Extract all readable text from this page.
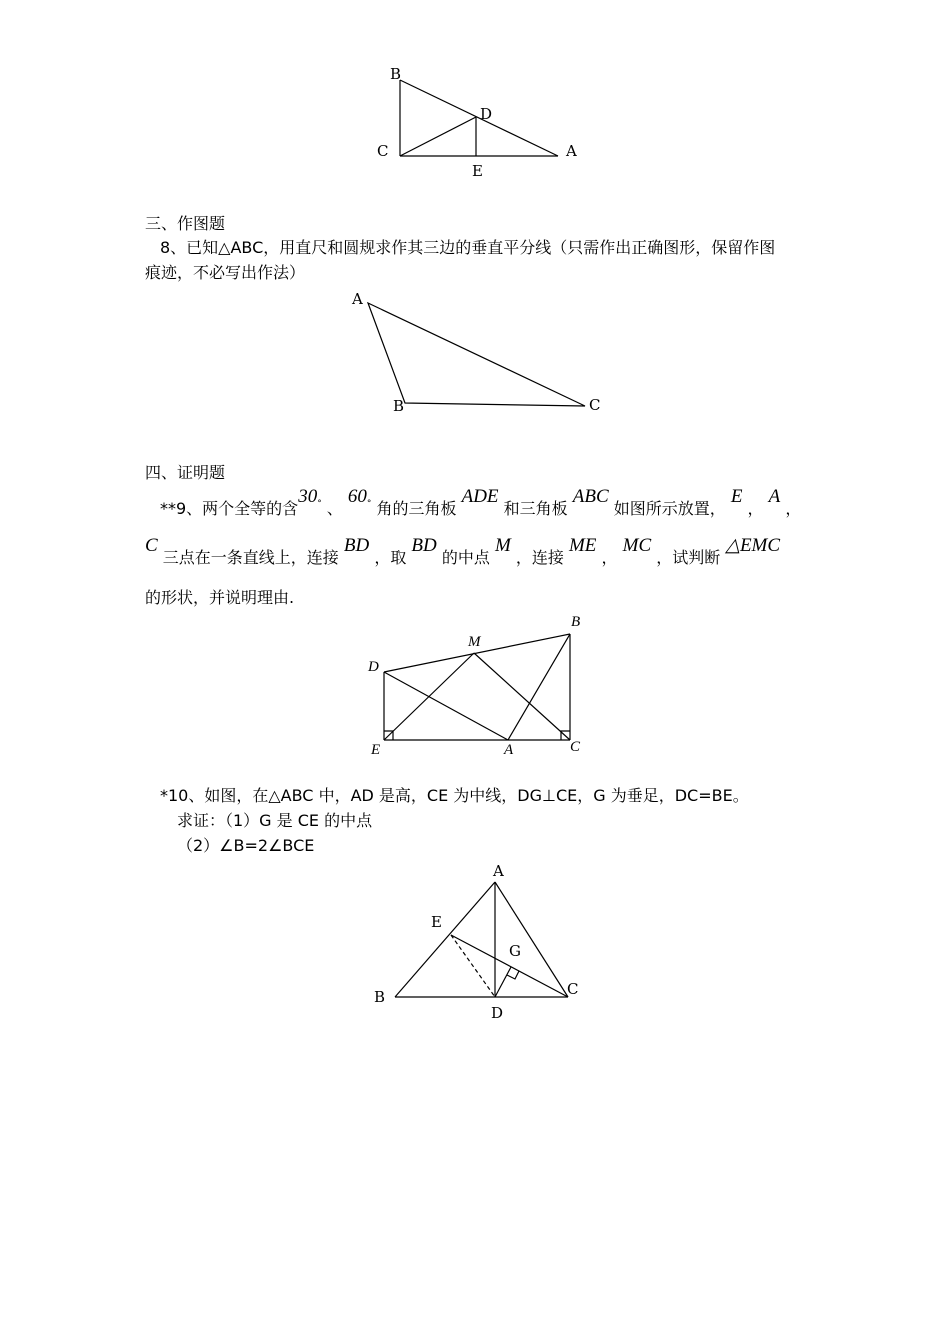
B
D
C	A
E
三、作图题
8、已知△ABC，用直尺和圆规求作其三边的垂直平分线（只需作出正确图形，保留作图
痕迹，不必写出作法）
A
B	C
四、证明题
**9、两个全等的含30° 、 60° 角的三角板 ADE 和三角板 ABC 如图所示放置， E ， A ，
C 三点在一条直线上，连接 BD ，取 BD 的中点 M ，连接 ME ， MC ，试判断 △EMC
的形状，并说明理由.
M
B
D
E	A	C
*10、如图，在△ABC 中，AD 是高，CE 为中线，DG⊥CE，G 为垂足，DC=BE。
求证：（1）G 是 CE 的中点
（2）∠B=2∠BCE
A
E
G
B	C
D
